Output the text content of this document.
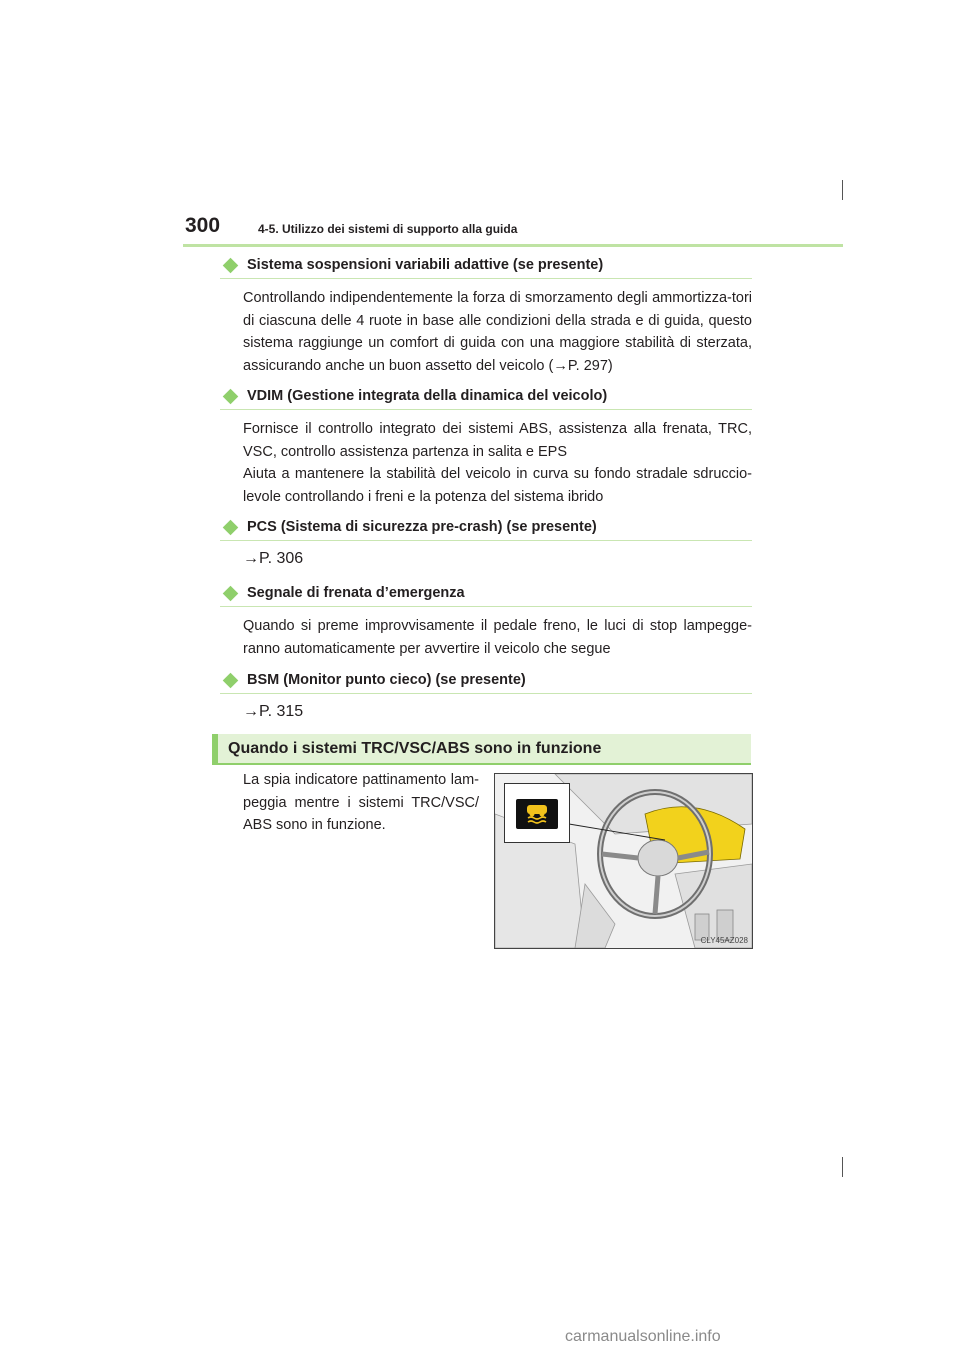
300	4-5. Utilizzo dei sistemi di supporto alla guida
Sistema sospensioni variabili adattive (se presente)

Controllando indipendentemente la forza di smorzamento degli ammortizza-tori di ciascuna delle 4 ruote in base alle condizioni della strada e di guida, questo sistema raggiunge un comfort di guida con una maggiore stabilità di sterzata, assicurando anche un buon assetto del veicolo (→P. 297)

VDIM (Gestione integrata della dinamica del veicolo)

Fornisce il controllo integrato dei sistemi ABS, assistenza alla frenata, TRC, VSC, controllo assistenza partenza in salita e EPS

Aiuta a mantenere la stabilità del veicolo in curva su fondo stradale sdruccio-levole controllando i freni e la potenza del sistema ibrido

PCS (Sistema di sicurezza pre-crash) (se presente)
→P. 306
Segnale di frenata d’emergenza

Quando si preme improvvisamente il pedale freno, le luci di stop lampegge-ranno automaticamente per avvertire il veicolo che segue

BSM (Monitor punto cieco) (se presente)
→P. 315
Quando i sistemi TRC/VSC/ABS sono in funzione
La spia indicatore pattinamento lam-peggia mentre i sistemi TRC/VSC/ ABS sono in funzione.
CLY45AZ028
carmanualsonline.info
